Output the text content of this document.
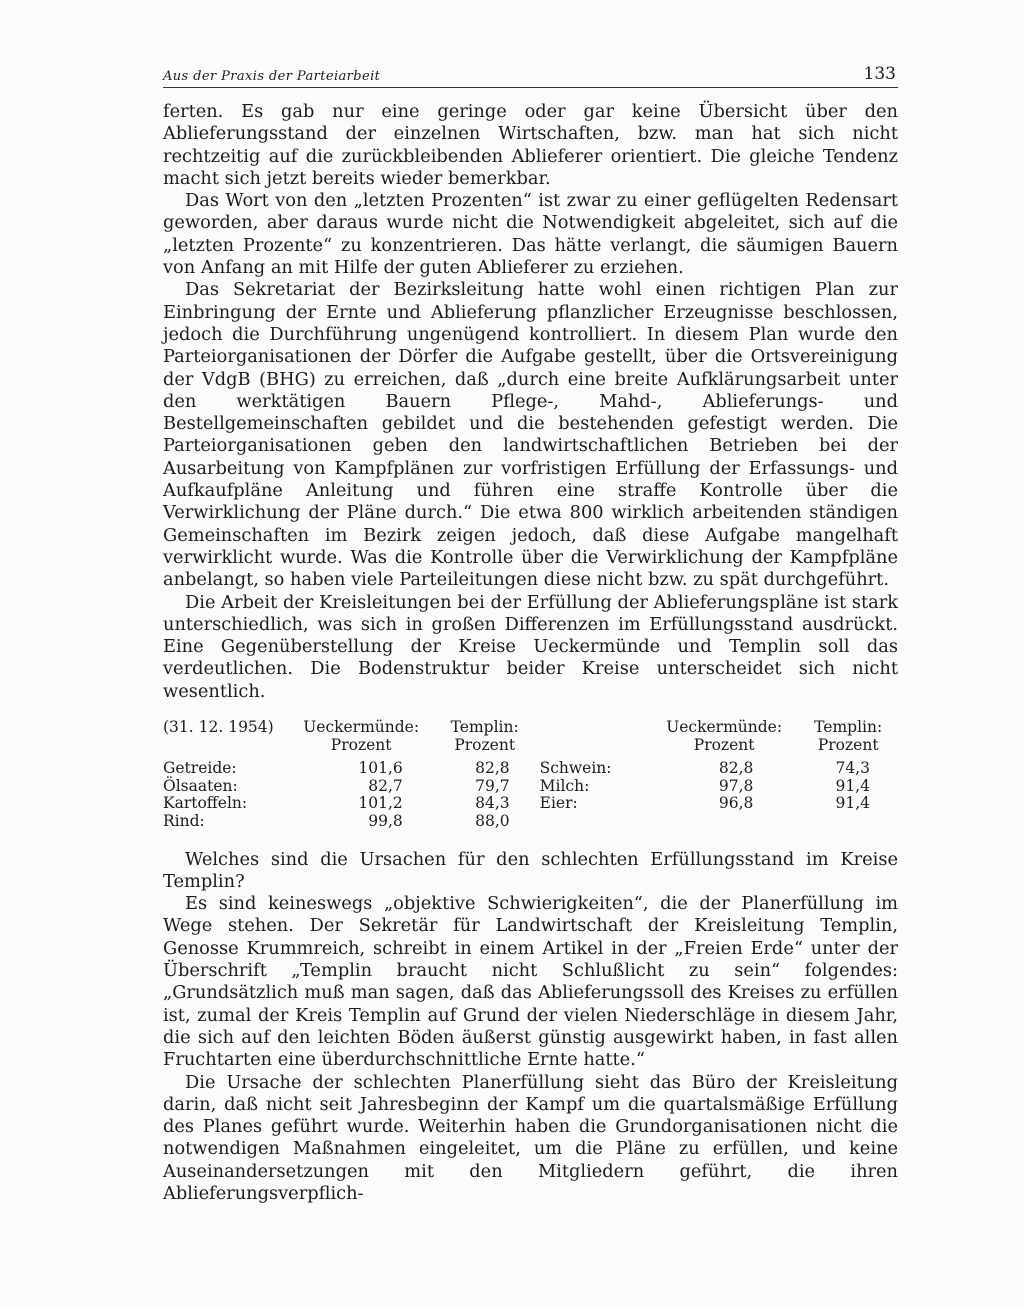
Aus der Praxis der Parteiarbeit	133

ferten. Es gab nur eine geringe oder gar keine Übersicht über den Ablieferungsstand der einzelnen Wirtschaften, bzw. man hat sich nicht rechtzeitig auf die zurückbleibenden Ablieferer orientiert. Die gleiche Tendenz macht sich jetzt bereits wieder bemerkbar.

Das Wort von den „letzten Prozenten“ ist zwar zu einer geflügelten Redensart geworden, aber daraus wurde nicht die Notwendigkeit abgeleitet, sich auf die „letzten Prozente“ zu konzentrieren. Das hätte verlangt, die säumigen Bauern von Anfang an mit Hilfe der guten Ablieferer zu erziehen.

Das Sekretariat der Bezirksleitung hatte wohl einen richtigen Plan zur Einbringung der Ernte und Ablieferung pflanzlicher Erzeugnisse beschlossen, jedoch die Durchführung ungenügend kontrolliert. In diesem Plan wurde den Parteiorganisationen der Dörfer die Aufgabe gestellt, über die Ortsvereinigung der VdgB (BHG) zu erreichen, daß „durch eine breite Aufklärungsarbeit unter den werktätigen Bauern Pflege-, Mahd-, Ablieferungs- und Bestellgemeinschaften gebildet und die bestehenden gefestigt werden. Die Parteiorganisationen geben den landwirtschaftlichen Betrieben bei der Ausarbeitung von Kampfplänen zur vorfristigen Erfüllung der Erfassungs- und Aufkaufpläne Anleitung und führen eine straffe Kontrolle über die Verwirklichung der Pläne durch.“ Die etwa 800 wirklich arbeitenden ständigen Gemeinschaften im Bezirk zeigen jedoch, daß diese Aufgabe mangelhaft verwirklicht wurde. Was die Kontrolle über die Verwirklichung der Kampfpläne anbelangt, so haben viele Parteileitungen diese nicht bzw. zu spät durchgeführt.

Die Arbeit der Kreisleitungen bei der Erfüllung der Ablieferungspläne ist stark unterschiedlich, was sich in großen Differenzen im Erfüllungsstand ausdrückt. Eine Gegenüberstellung der Kreise Ueckermünde und Templin soll das verdeutlichen. Die Bodenstruktur beider Kreise unterscheidet sich nicht wesentlich.

(31. 12. 1954)	Ueckermünde:	Templin:		Ueckermünde:	Templin:
	Prozent	Prozent		Prozent	Prozent

Getreide:	101,6	82,8	Schwein:	82,8	74,3
Ölsaaten:	82,7	79,7	Milch:	97,8	91,4
Kartoffeln:	101,2	84,3	Eier:	96,8	91,4
Rind:	99,8	88,0			

Welches sind die Ursachen für den schlechten Erfüllungsstand im Kreise Templin?

Es sind keineswegs „objektive Schwierigkeiten“, die der Planerfüllung im Wege stehen. Der Sekretär für Landwirtschaft der Kreisleitung Templin, Genosse Krummreich, schreibt in einem Artikel in der „Freien Erde“ unter der Überschrift „Templin braucht nicht Schlußlicht zu sein“ folgendes: „Grundsätzlich muß man sagen, daß das Ablieferungssoll des Kreises zu erfüllen ist, zumal der Kreis Templin auf Grund der vielen Niederschläge in diesem Jahr, die sich auf den leichten Böden äußerst günstig ausgewirkt haben, in fast allen Fruchtarten eine überdurchschnittliche Ernte hatte.“

Die Ursache der schlechten Planerfüllung sieht das Büro der Kreisleitung darin, daß nicht seit Jahresbeginn der Kampf um die quartalsmäßige Erfüllung des Planes geführt wurde. Weiterhin haben die Grundorganisationen nicht die notwendigen Maßnahmen eingeleitet, um die Pläne zu erfüllen, und keine Auseinandersetzungen mit den Mitgliedern geführt, die ihren Ablieferungsverpflich-
